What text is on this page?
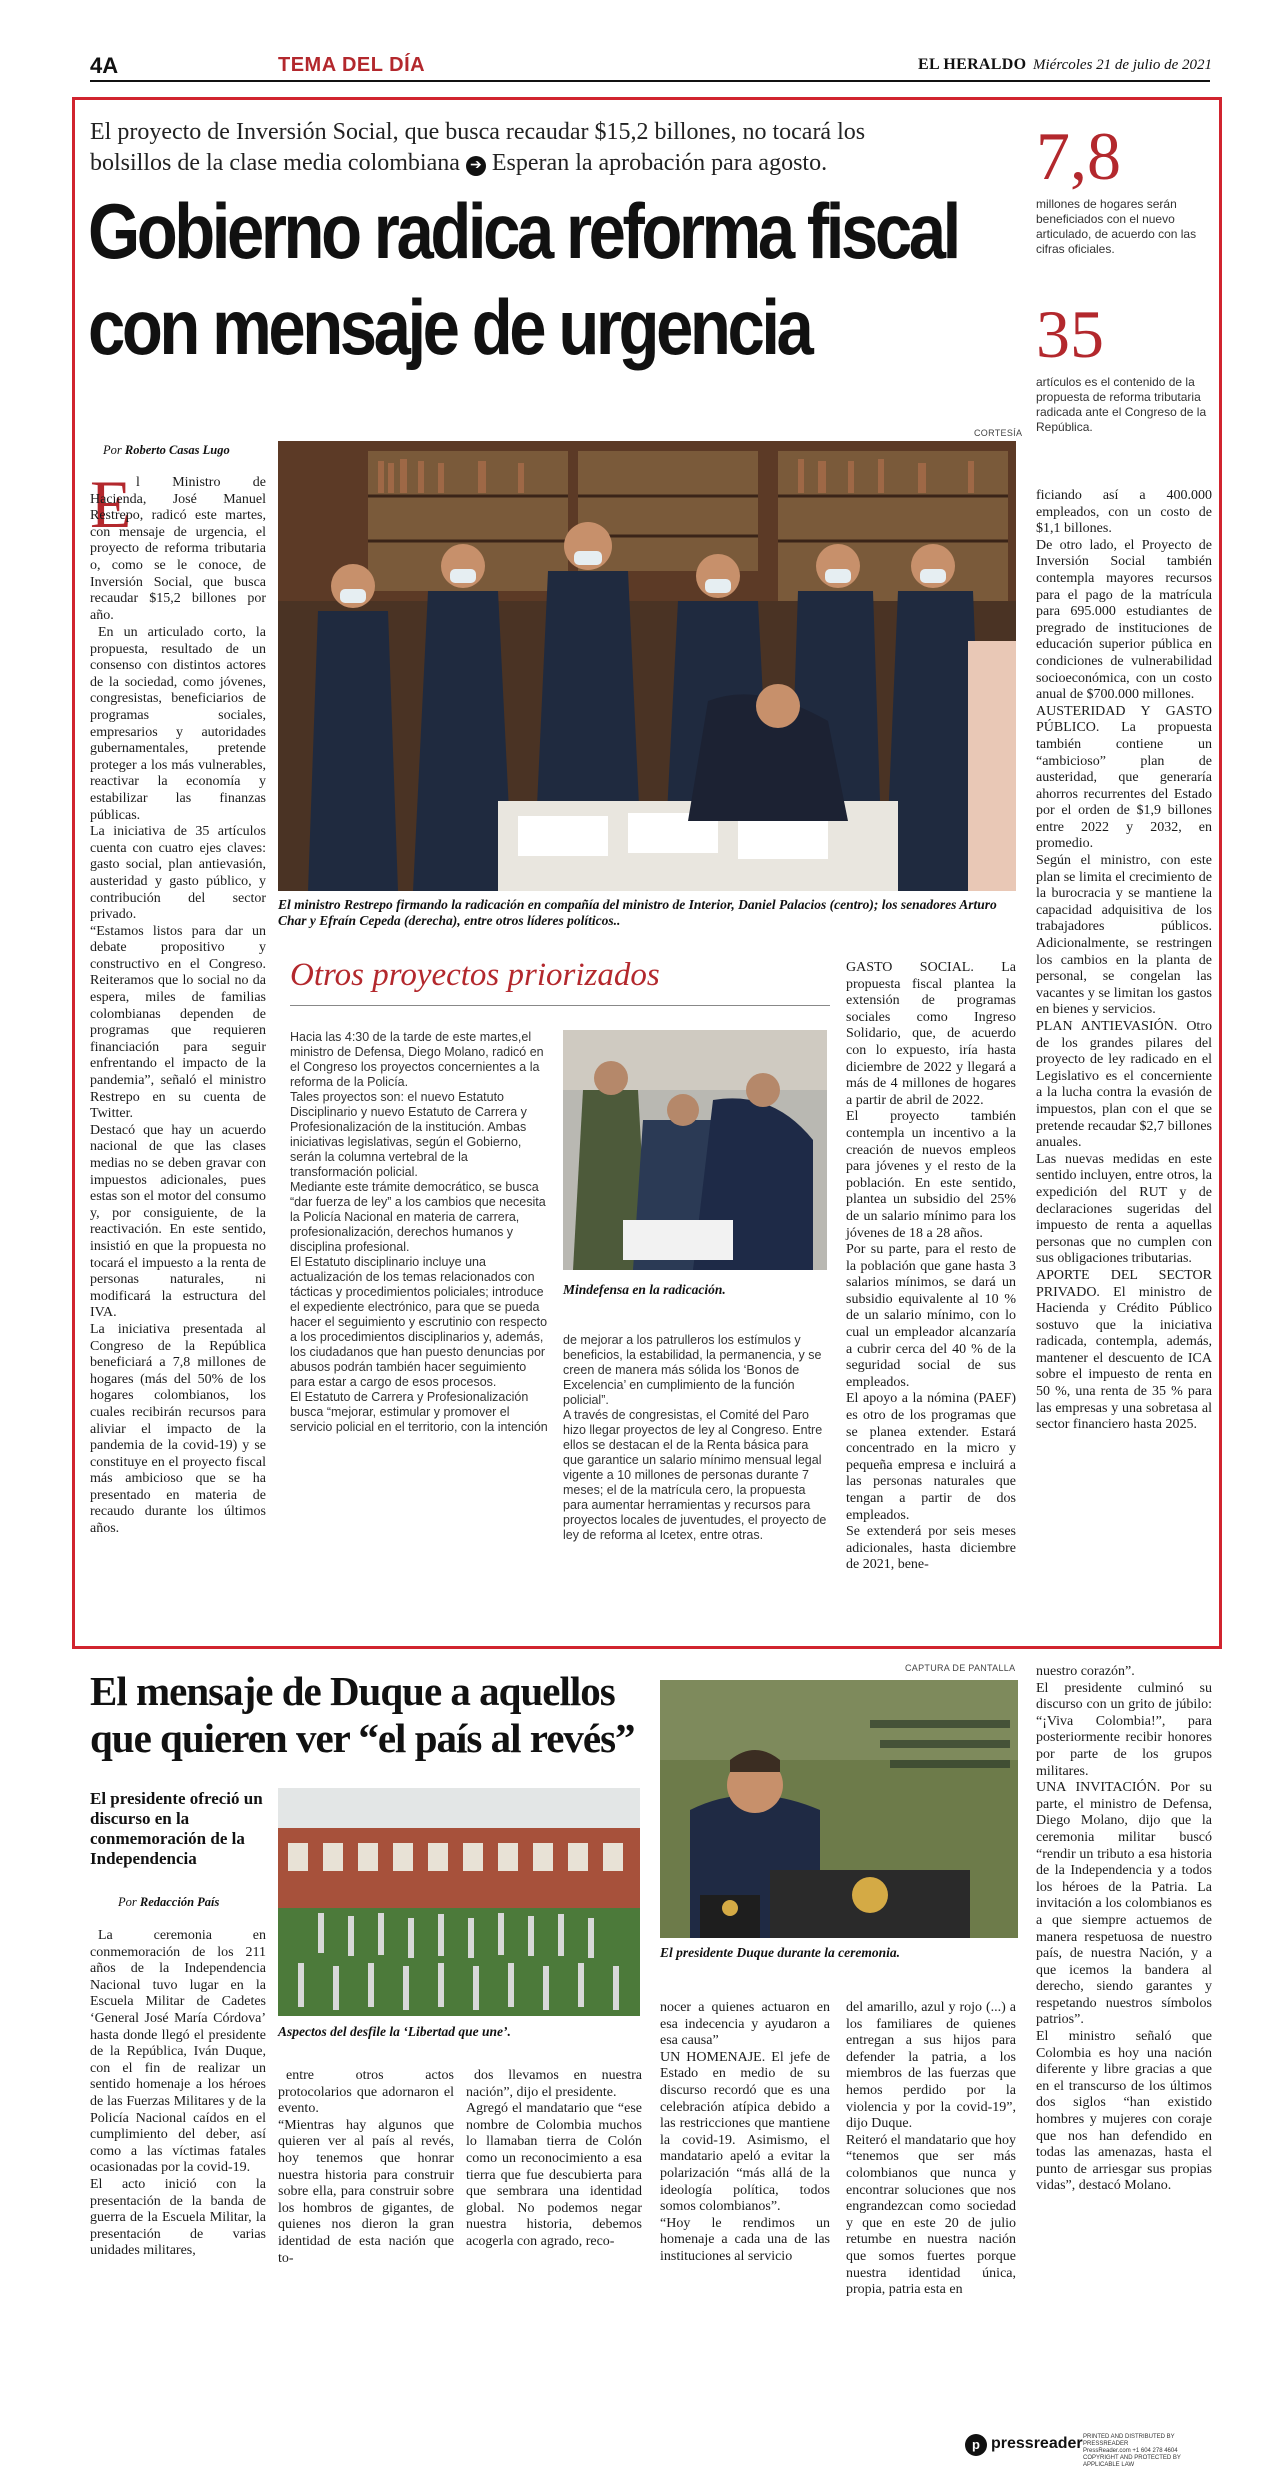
4A	TEMA DEL DÍA	EL HERALDO Miércoles 21 de julio de 2021
El proyecto de Inversión Social, que busca recaudar $15,2 billones, no tocará los
bolsillos de la clase media colombiana ➔ Esperan la aprobación para agosto.
Gobierno radica reforma fiscal
con mensaje de urgencia
7,8
millones de hogares serán beneficiados con el nuevo articulado, de acuerdo con las cifras oficiales.
35
artículos es el contenido de la propuesta de reforma tributaria radicada ante el Congreso de la República.
Por Roberto Casas Lugo
CORTESÍA
El ministro Restrepo firmando la radicación en compañía del ministro de Interior, Daniel Palacios (centro); los senadores Arturo Char y Efraín Cepeda (derecha), entre otros líderes políticos..
E l Ministro de Hacienda, José Manuel Restrepo, radicó este martes, con mensaje de urgencia, el proyecto de reforma tributaria o, como se le conoce, de Inversión Social, que busca recaudar $15,2 billones por año.
En un articulado corto, la propuesta, resultado de un consenso con distintos actores de la sociedad, como jóvenes, congresistas, beneficiarios de programas sociales, empresarios y autoridades gubernamentales, pretende proteger a los más vulnerables, reactivar la economía y estabilizar las finanzas públicas.
La iniciativa de 35 artículos cuenta con cuatro ejes claves: gasto social, plan antievasión, austeridad y gasto público, y contribución del sector privado.
“Estamos listos para dar un debate propositivo y constructivo en el Congreso. Reiteramos que lo social no da espera, miles de familias colombianas dependen de programas que requieren financiación para seguir enfrentando el impacto de la pandemia”, señaló el ministro Restrepo en su cuenta de Twitter.
Destacó que hay un acuerdo nacional de que las clases medias no se deben gravar con impuestos adicionales, pues estas son el motor del consumo y, por consiguiente, de la reactivación. En este sentido, insistió en que la propuesta no tocará el impuesto a la renta de personas naturales, ni modificará la estructura del IVA.
La iniciativa presentada al Congreso de la República beneficiará a 7,8 millones de hogares (más del 50% de los hogares colombianos, los cuales recibirán recursos para aliviar el impacto de la pandemia de la covid-19) y se constituye en el proyecto fiscal más ambicioso que se ha presentado en materia de recaudo durante los últimos años.
GASTO SOCIAL. La propuesta fiscal plantea la extensión de programas sociales como Ingreso Solidario, que, de acuerdo con lo expuesto, iría hasta diciembre de 2022 y llegará a más de 4 millones de hogares a partir de abril de 2022.
El proyecto también contempla un incentivo a la creación de nuevos empleos para jóvenes y el resto de la población. En este sentido, plantea un subsidio del 25% de un salario mínimo para los jóvenes de 18 a 28 años.
Por su parte, para el resto de la población que gane hasta 3 salarios mínimos, se dará un subsidio equivalente al 10 % de un salario mínimo, con lo cual un empleador alcanzaría a cubrir cerca del 40 % de la seguridad social de sus empleados.
El apoyo a la nómina (PAEF) es otro de los programas que se planea extender. Estará concentrado en la micro y pequeña empresa e incluirá a las personas naturales que tengan a partir de dos empleados.
Se extenderá por seis meses adicionales, hasta diciembre de 2021, bene-
ficiando así a 400.000 empleados, con un costo de $1,1 billones.
De otro lado, el Proyecto de Inversión Social también contempla mayores recursos para el pago de la matrícula para 695.000 estudiantes de pregrado de instituciones de educación superior pública en condiciones de vulnerabilidad socioeconómica, con un costo anual de $700.000 millones.
AUSTERIDAD Y GASTO PÚBLICO. La propuesta también contiene un “ambicioso” plan de austeridad, que generaría ahorros recurrentes del Estado por el orden de $1,9 billones entre 2022 y 2032, en promedio.
Según el ministro, con este plan se limita el crecimiento de la burocracia y se mantiene la capacidad adquisitiva de los trabajadores públicos. Adicionalmente, se restringen los cambios en la planta de personal, se congelan las vacantes y se limitan los gastos en bienes y servicios.
PLAN ANTIEVASIÓN. Otro de los grandes pilares del proyecto de ley radicado en el Legislativo es el concerniente a la lucha contra la evasión de impuestos, plan con el que se pretende recaudar $2,7 billones anuales.
Las nuevas medidas en este sentido incluyen, entre otros, la expedición del RUT y de declaraciones sugeridas del impuesto de renta a aquellas personas que no cumplen con sus obligaciones tributarias.
APORTE DEL SECTOR PRIVADO. El ministro de Hacienda y Crédito Público sostuvo que la iniciativa radicada, contempla, además, mantener el descuento de ICA sobre el impuesto de renta en 50 %, una renta de 35 % para las empresas y una sobretasa al sector financiero hasta 2025.
Otros proyectos priorizados
Hacia las 4:30 de la tarde de este martes,el ministro de Defensa, Diego Molano, radicó en el Congreso los proyectos concernientes a la reforma de la Policía.
Tales proyectos son: el nuevo Estatuto Disciplinario y nuevo Estatuto de Carrera y Profesionalización de la institución. Ambas iniciativas legislativas, según el Gobierno, serán la columna vertebral de la transformación policial.
Mediante este trámite democrático, se busca “dar fuerza de ley” a los cambios que necesita la Policía Nacional en materia de carrera, profesionalización, derechos humanos y disciplina profesional.
El Estatuto disciplinario incluye una actualización de los temas relacionados con tácticas y procedimientos policiales; introduce el expediente electrónico, para que se pueda hacer el seguimiento y escrutinio con respecto a los procedimientos disciplinarios y, además, los ciudadanos que han puesto denuncias por abusos podrán también hacer seguimiento para estar a cargo de esos procesos.
El Estatuto de Carrera y Profesionalización busca “mejorar, estimular y promover el servicio policial en el territorio, con la intención
de mejorar a los patrulleros los estímulos y beneficios, la estabilidad, la permanencia, y se creen de manera más sólida los ‘Bonos de Excelencia’ en cumplimiento de la función policial”.
A través de congresistas, el Comité del Paro hizo llegar proyectos de ley al Congreso. Entre ellos se destacan el de la Renta básica para que garantice un salario mínimo mensual legal vigente a 10 millones de personas durante 7 meses; el de la matrícula cero, la propuesta para aumentar herramientas y recursos para proyectos locales de juventudes, el proyecto de ley de reforma al Icetex, entre otras.
Mindefensa en la radicación.
El mensaje de Duque a aquellos
que quieren ver “el país al revés”
El presidente ofreció un discurso en la conmemoración de la Independencia
Por Redacción País
CAPTURA DE PANTALLA
Aspectos del desfile la ‘Libertad que une’.
El presidente Duque durante la ceremonia.
La ceremonia en conmemoración de los 211 años de la Independencia Nacional tuvo lugar en la Escuela Militar de Cadetes ‘General José María Córdova’ hasta donde llegó el presidente de la República, Iván Duque, con el fin de realizar un sentido homenaje a los héroes de las Fuerzas Militares y de la Policía Nacional caídos en el cumplimiento del deber, así como a las víctimas fatales ocasionadas por la covid-19.
El acto inició con la presentación de la banda de guerra de la Escuela Militar, la presentación de varias unidades militares,
entre otros actos protocolarios que adornaron el evento.
“Mientras hay algunos que quieren ver al país al revés, hoy tenemos que honrar nuestra historia para construir sobre ella, para construir sobre los hombros de gigantes, de quienes nos dieron la gran identidad de esta nación que to-
dos llevamos en nuestra nación”, dijo el presidente.
Agregó el mandatario que “ese nombre de Colombia muchos lo llamaban tierra de Colón como un reconocimiento a esa tierra que fue descubierta para que sembrara una identidad global. No podemos negar nuestra historia, debemos acogerla con agrado, reco-
nocer a quienes actuaron en esa indecencia y ayudaron a esa causa”
UN HOMENAJE. El jefe de Estado en medio de su discurso recordó que es una celebración atípica debido a las restricciones que mantiene la covid-19. Asimismo, el mandatario apeló a evitar la polarización “más allá de la ideología política, todos somos colombianos”.
“Hoy le rendimos un homenaje a cada una de las instituciones al servicio
del amarillo, azul y rojo (...) a los familiares de quienes entregan a sus hijos para defender la patria, a los miembros de las fuerzas que hemos perdido por la violencia y por la covid-19”, dijo Duque.
Reiteró el mandatario que hoy “tenemos que ser más colombianos que nunca y encontrar soluciones que nos engrandezcan como sociedad y que en este 20 de julio retumbe en nuestra nación que somos fuertes porque nuestra identidad única, propia, patria esta en
nuestro corazón”.
El presidente culminó su discurso con un grito de júbilo: “¡Viva Colombia!”, para posteriormente recibir honores por parte de los grupos militares.
UNA INVITACIÓN. Por su parte, el ministro de Defensa, Diego Molano, dijo que la ceremonia militar buscó “rendir un tributo a esa historia de la Independencia y a todos los héroes de la Patria. La invitación a los colombianos es a que siempre actuemos de manera respetuosa de nuestro país, de nuestra Nación, y a que icemos la bandera al derecho, siendo garantes y respetando nuestros símbolos patrios”.
El ministro señaló que Colombia es hoy una nación diferente y libre gracias a que en el transcurso de los últimos dos siglos “han existido hombres y mujeres con coraje que nos han defendido en todas las amenazas, hasta el punto de arriesgar sus propias vidas”, destacó Molano.
p pressreader PRINTED AND DISTRIBUTED BY PRESSREADER
PressReader.com +1 604 278 4604
COPYRIGHT AND PROTECTED BY APPLICABLE LAW
